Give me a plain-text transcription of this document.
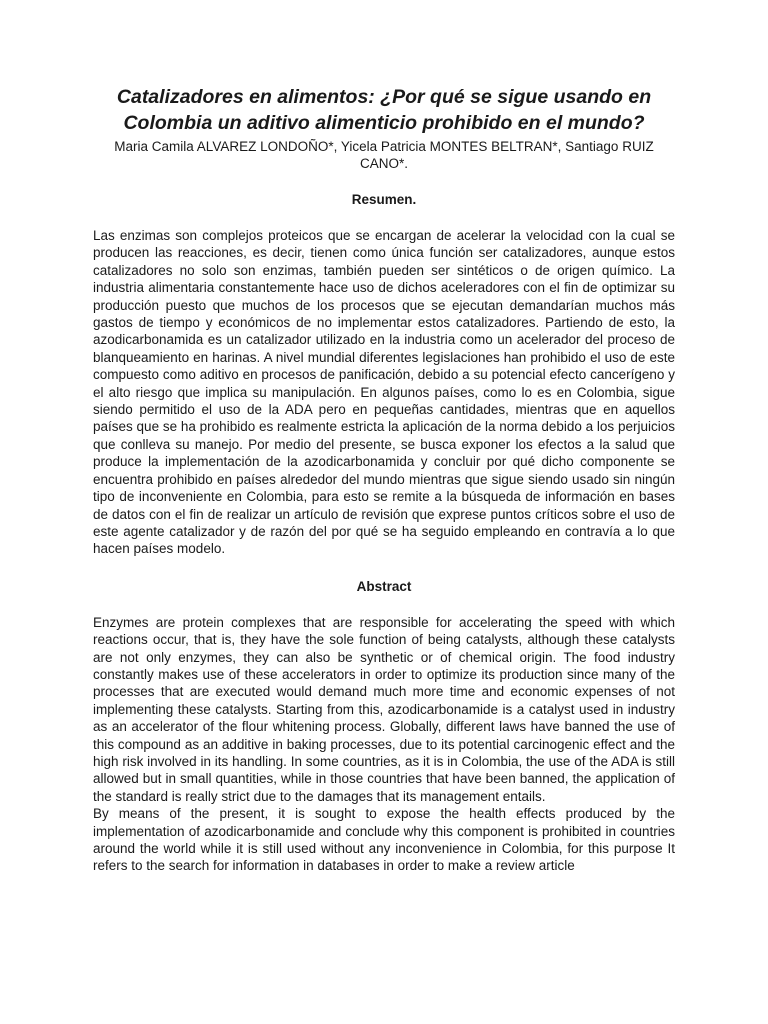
Catalizadores en alimentos: ¿Por qué se sigue usando en Colombia un aditivo alimenticio prohibido en el mundo?

Maria Camila ALVAREZ LONDOÑO*, Yicela Patricia MONTES BELTRAN*, Santiago RUIZ CANO*.

Resumen.

Las enzimas son complejos proteicos que se encargan de acelerar la velocidad con la cual se producen las reacciones, es decir, tienen como única función ser catalizadores, aunque estos catalizadores no solo son enzimas, también pueden ser sintéticos o de origen químico. La industria alimentaria constantemente hace uso de dichos aceleradores con el fin de optimizar su producción puesto que muchos de los procesos que se ejecutan demandarían muchos más gastos de tiempo y económicos de no implementar estos catalizadores. Partiendo de esto, la azodicarbonamida es un catalizador utilizado en la industria como un acelerador del proceso de blanqueamiento en harinas. A nivel mundial diferentes legislaciones han prohibido el uso de este compuesto como aditivo en procesos de panificación, debido a su potencial efecto cancerígeno y el alto riesgo que implica su manipulación. En algunos países, como lo es en Colombia, sigue siendo permitido el uso de la ADA pero en pequeñas cantidades, mientras que en aquellos países que se ha prohibido es realmente estricta la aplicación de la norma debido a los perjuicios que conlleva su manejo. Por medio del presente, se busca exponer los efectos a la salud que produce la implementación de la azodicarbonamida y concluir por qué dicho componente se encuentra prohibido en países alrededor del mundo mientras que sigue siendo usado sin ningún tipo de inconveniente en Colombia, para esto se remite a la búsqueda de información en bases de datos con el fin de realizar un artículo de revisión que exprese puntos críticos sobre el uso de este agente catalizador y de razón del por qué se ha seguido empleando en contravía a lo que hacen países modelo.

Abstract

Enzymes are protein complexes that are responsible for accelerating the speed with which reactions occur, that is, they have the sole function of being catalysts, although these catalysts are not only enzymes, they can also be synthetic or of chemical origin. The food industry constantly makes use of these accelerators in order to optimize its production since many of the processes that are executed would demand much more time and economic expenses of not implementing these catalysts. Starting from this, azodicarbonamide is a catalyst used in industry as an accelerator of the flour whitening process. Globally, different laws have banned the use of this compound as an additive in baking processes, due to its potential carcinogenic effect and the high risk involved in its handling. In some countries, as it is in Colombia, the use of the ADA is still allowed but in small quantities, while in those countries that have been banned, the application of the standard is really strict due to the damages that its management entails.

By means of the present, it is sought to expose the health effects produced by the implementation of azodicarbonamide and conclude why this component is prohibited in countries around the world while it is still used without any inconvenience in Colombia, for this purpose It refers to the search for information in databases in order to make a review article
